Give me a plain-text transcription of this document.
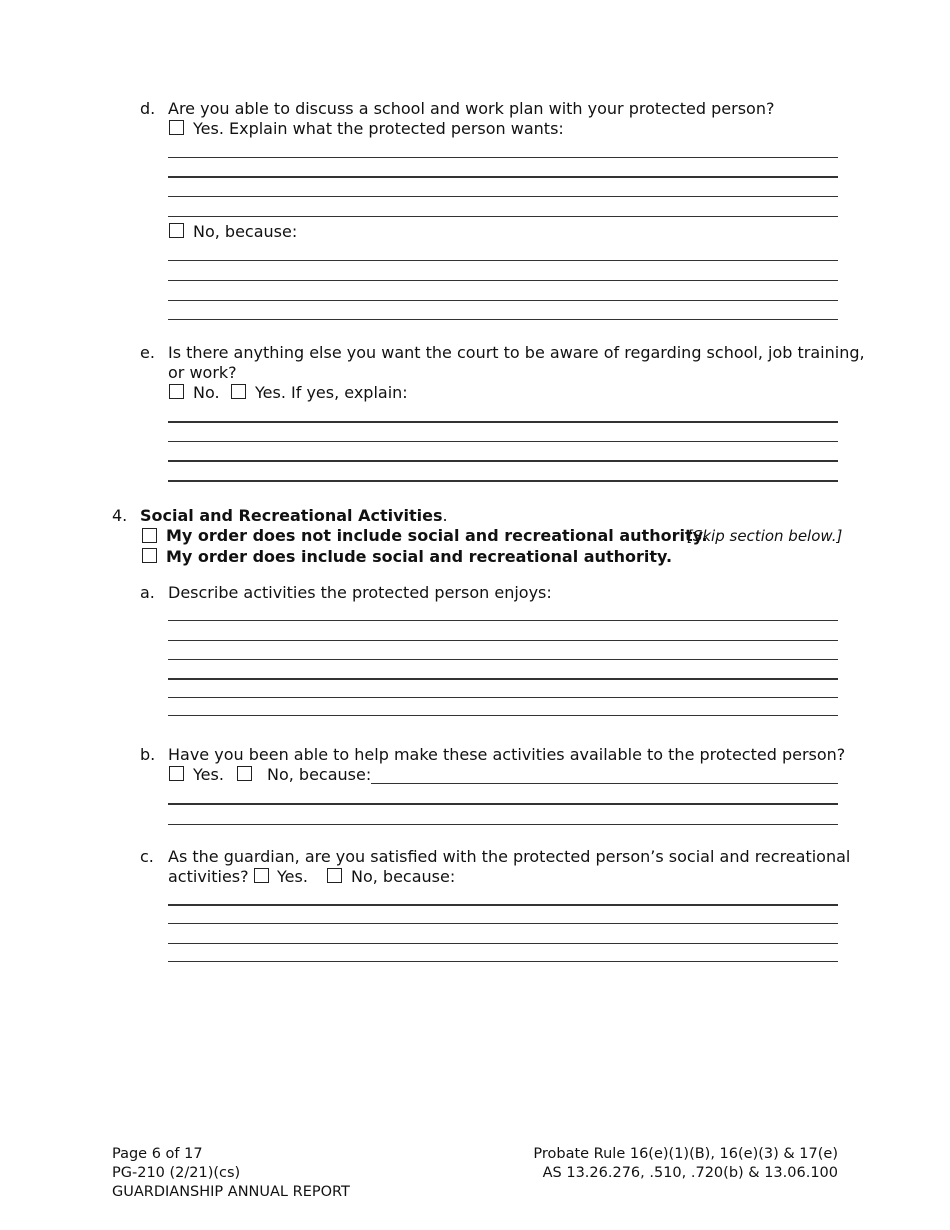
d. Are you able to discuss a school and work plan with your protected person?
Yes. Explain what the protected person wants:
No, because:
e. Is there anything else you want the court to be aware of regarding school, job training,
or work?
No. Yes. If yes, explain:
4. Social and Recreational Activities.
My order does not include social and recreational authority.
[Skip section below.]
My order does include social and recreational authority.
a. Describe activities the protected person enjoys:
b. Have you been able to help make these activities available to the protected person?
Yes.	No, because:
c. As the guardian, are you satisfied with the protected person’s social and recreational
activities? Yes.	No, because:
Page 6 of 17
PG-210 (2/21)(cs)
GUARDIANSHIP ANNUAL REPORT
Probate Rule 16(e)(1)(B), 16(e)(3) & 17(e)
AS 13.26.276, .510, .720(b) & 13.06.100
